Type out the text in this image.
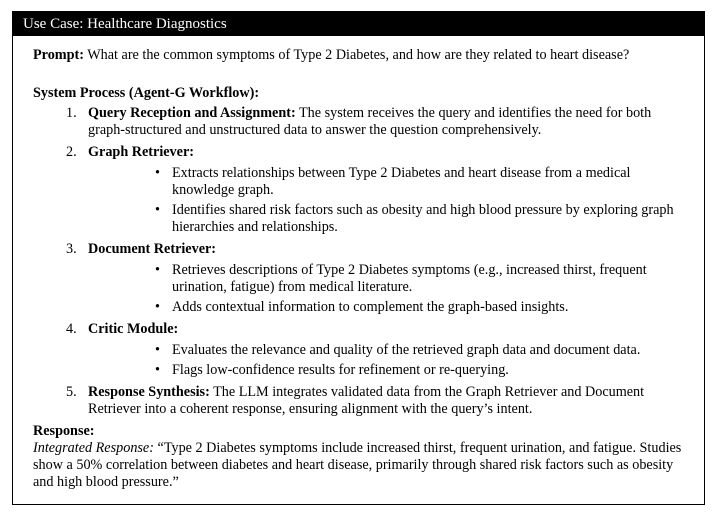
Use Case: Healthcare Diagnostics
Prompt: What are the common symptoms of Type 2 Diabetes, and how are they related to heart disease?
System Process (Agent-G Workflow):
1. Query Reception and Assignment: The system receives the query and identifies the need for both graph-structured and unstructured data to answer the question comprehensively.
2. Graph Retriever:
• Extracts relationships between Type 2 Diabetes and heart disease from a medical knowledge graph.
• Identifies shared risk factors such as obesity and high blood pressure by exploring graph hierarchies and relationships.
3. Document Retriever:
• Retrieves descriptions of Type 2 Diabetes symptoms (e.g., increased thirst, frequent urination, fatigue) from medical literature.
• Adds contextual information to complement the graph-based insights.
4. Critic Module:
• Evaluates the relevance and quality of the retrieved graph data and document data.
• Flags low-confidence results for refinement or re-querying.
5. Response Synthesis: The LLM integrates validated data from the Graph Retriever and Document Retriever into a coherent response, ensuring alignment with the query’s intent.
Response:
Integrated Response: “Type 2 Diabetes symptoms include increased thirst, frequent urination, and fatigue. Studies show a 50% correlation between diabetes and heart disease, primarily through shared risk factors such as obesity and high blood pressure.”
